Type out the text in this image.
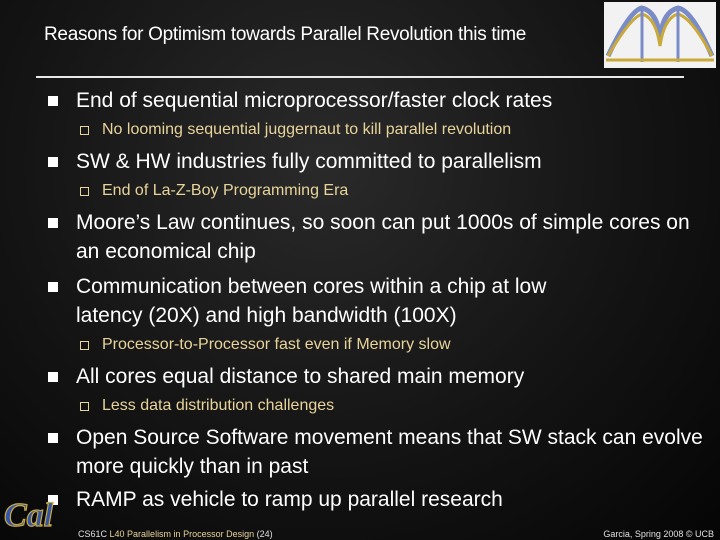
Reasons for Optimism towards Parallel Revolution this time
End of sequential microprocessor/faster clock rates
No looming sequential juggernaut to kill parallel revolution
SW & HW industries fully committed to parallelism
End of La-Z-Boy Programming Era
Moore’s Law continues, so soon can put 1000s of simple cores on an economical chip
Communication between cores within a chip at low latency (20X) and high bandwidth (100X)
Processor-to-Processor fast even if Memory slow
All cores equal distance to shared main memory
Less data distribution challenges
Open Source Software movement means that SW stack can evolve more quickly than in past
RAMP as vehicle to ramp up parallel research
Cal	CS61C L40 Parallelism in Processor Design (24)	Garcia, Spring 2008 © UCB
